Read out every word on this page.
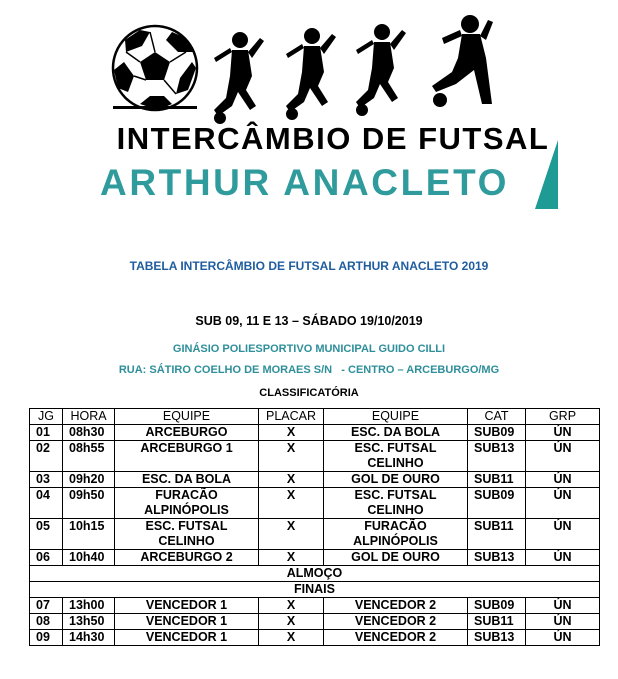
INTERCÂMBIO DE FUTSAL
ARTHUR ANACLETO
TABELA INTERCÂMBIO DE FUTSAL ARTHUR ANACLETO 2019
SUB 09, 11 E 13 – SÁBADO 19/10/2019
GINÁSIO POLIESPORTIVO MUNICIPAL GUIDO CILLI
RUA: SÁTIRO COELHO DE MORAES S/N   - CENTRO – ARCEBURGO/MG
CLASSIFICATÓRIA
JG	HORA	EQUIPE	PLACAR	EQUIPE	CAT	GRP
01	08h30	ARCEBURGO	X	ESC. DA BOLA	SUB09	ÚN
02	08h55	ARCEBURGO 1	X	ESC. FUTSAL CELINHO	SUB13	ÚN
03	09h20	ESC. DA BOLA	X	GOL DE OURO	SUB11	ÚN
04	09h50	FURACÃO ALPINÓPOLIS	X	ESC. FUTSAL CELINHO	SUB09	ÚN
05	10h15	ESC. FUTSAL CELINHO	X	FURACÃO ALPINÓPOLIS	SUB11	ÚN
06	10h40	ARCEBURGO 2	X	GOL DE OURO	SUB13	ÚN
ALMOÇO						
FINAIS						
07	13h00	VENCEDOR 1	X	VENCEDOR 2	SUB09	ÚN
08	13h50	VENCEDOR 1	X	VENCEDOR 2	SUB11	ÚN
09	14h30	VENCEDOR 1	X	VENCEDOR 2	SUB13	ÚN
